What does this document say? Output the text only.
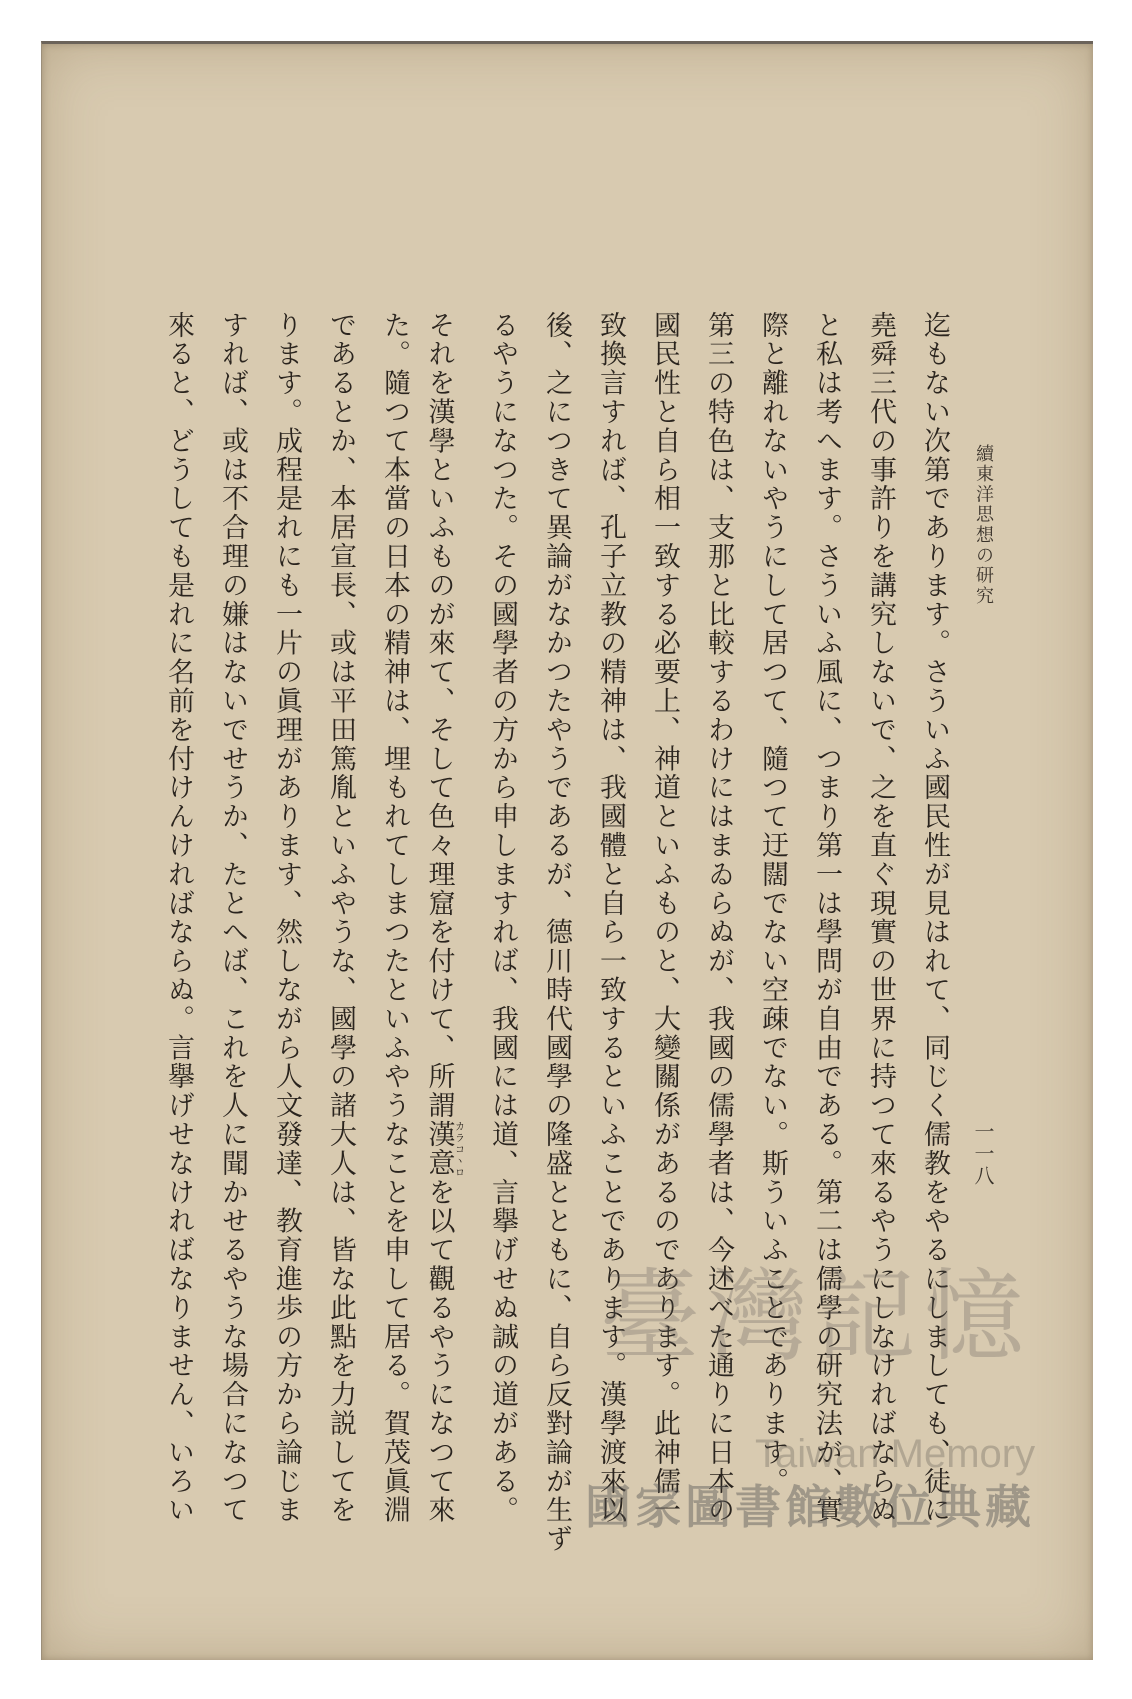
續東洋思想の研究
一一八
迄もない次第であります。さういふ國民性が見はれて、同じく儒教をやるにしましても、徒に
堯舜三代の事許りを講究しないで、之を直ぐ現實の世界に持つて來るやうにしなければならぬ
と私は考へます。さういふ風に、つまり第一は學問が自由である。第二は儒學の研究法が、實
際と離れないやうにして居つて、隨つて迂闊でない空疎でない。斯ういふことであります。
第三の特色は、支那と比較するわけにはまゐらぬが、我國の儒學者は、今述べた通りに日本の
國民性と自ら相一致する必要上、神道といふものと、大變關係があるのであります。此神儒一
致換言すれば、孔子立教の精神は、我國體と自ら一致するといふことであります。漢學渡來以
後、之につきて異論がなかつたやうであるが、德川時代國學の隆盛とともに、自ら反對論が生ず
るやうになつた。その國學者の方から申しますれば、我國には道、言擧げせぬ誠の道がある。
それを漢學といふものが來て、そして色々理窟を付けて、所謂漢意カラコヽロを以て觀るやうになつて來
た。隨つて本當の日本の精神は、埋もれてしまつたといふやうなことを申して居る。賀茂眞淵
であるとか、本居宣長、或は平田篤胤といふやうな、國學の諸大人は、皆な此點を力説してを
ります。成程是れにも一片の眞理があります、然しながら人文發達、教育進歩の方から論じま
すれば、或は不合理の嫌はないでせうか、たとへば、これを人に聞かせるやうな場合になつて
來ると、どうしても是れに名前を付けんければならぬ。言擧げせなければなりません、いろい	臺灣記憶
Taiwan Memory
國家圖書館數位典藏
